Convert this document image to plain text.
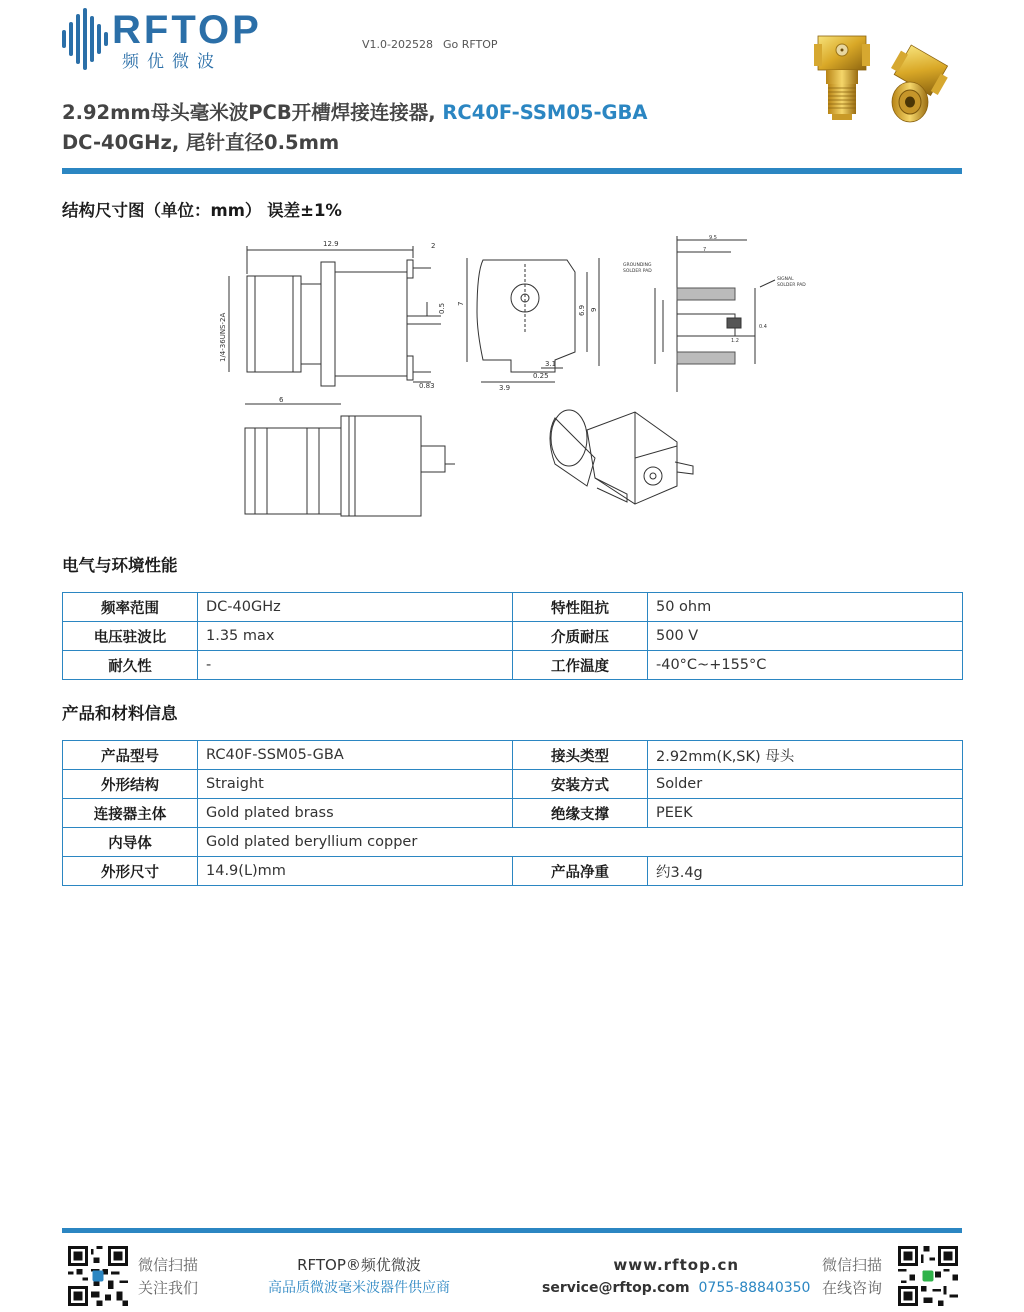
RFTOP
频优微波
V1.0-202528 Go RFTOP
2.92mm母头毫米波PCB开槽焊接连接器, RC40F-SSM05-GBA
DC-40GHz, 尾针直径0.5mm
结构尺寸图（单位：mm） 误差±1%
12.9	2
1/4-36UNS-2A
0.5
0.83
7
6.9 9
3.1
0.25
3.9
6
9.5
7
GROUNDING
SOLDER PAD
SIGNAL
SOLDER PAD
1.2
0.4
电气与环境性能
频率范围	DC-40GHz	特性阻抗	50 ohm
电压驻波比	1.35 max	介质耐压	500 V
耐久性	-	工作温度	-40°C~+155°C
产品和材料信息
产品型号	RC40F-SSM05-GBA	接头类型	2.92mm(K,SK) 母头
外形结构	Straight	安装方式	Solder
连接器主体	Gold plated brass	绝缘支撑	PEEK
内导体	Gold plated beryllium copper		
外形尺寸	14.9(L)mm	产品净重	约3.4g
微信扫描
关注我们
RFTOP®频优微波
高品质微波毫米波器件供应商
www.rftop.cn
service@rftop.com 0755-88840350
微信扫描
在线咨询
